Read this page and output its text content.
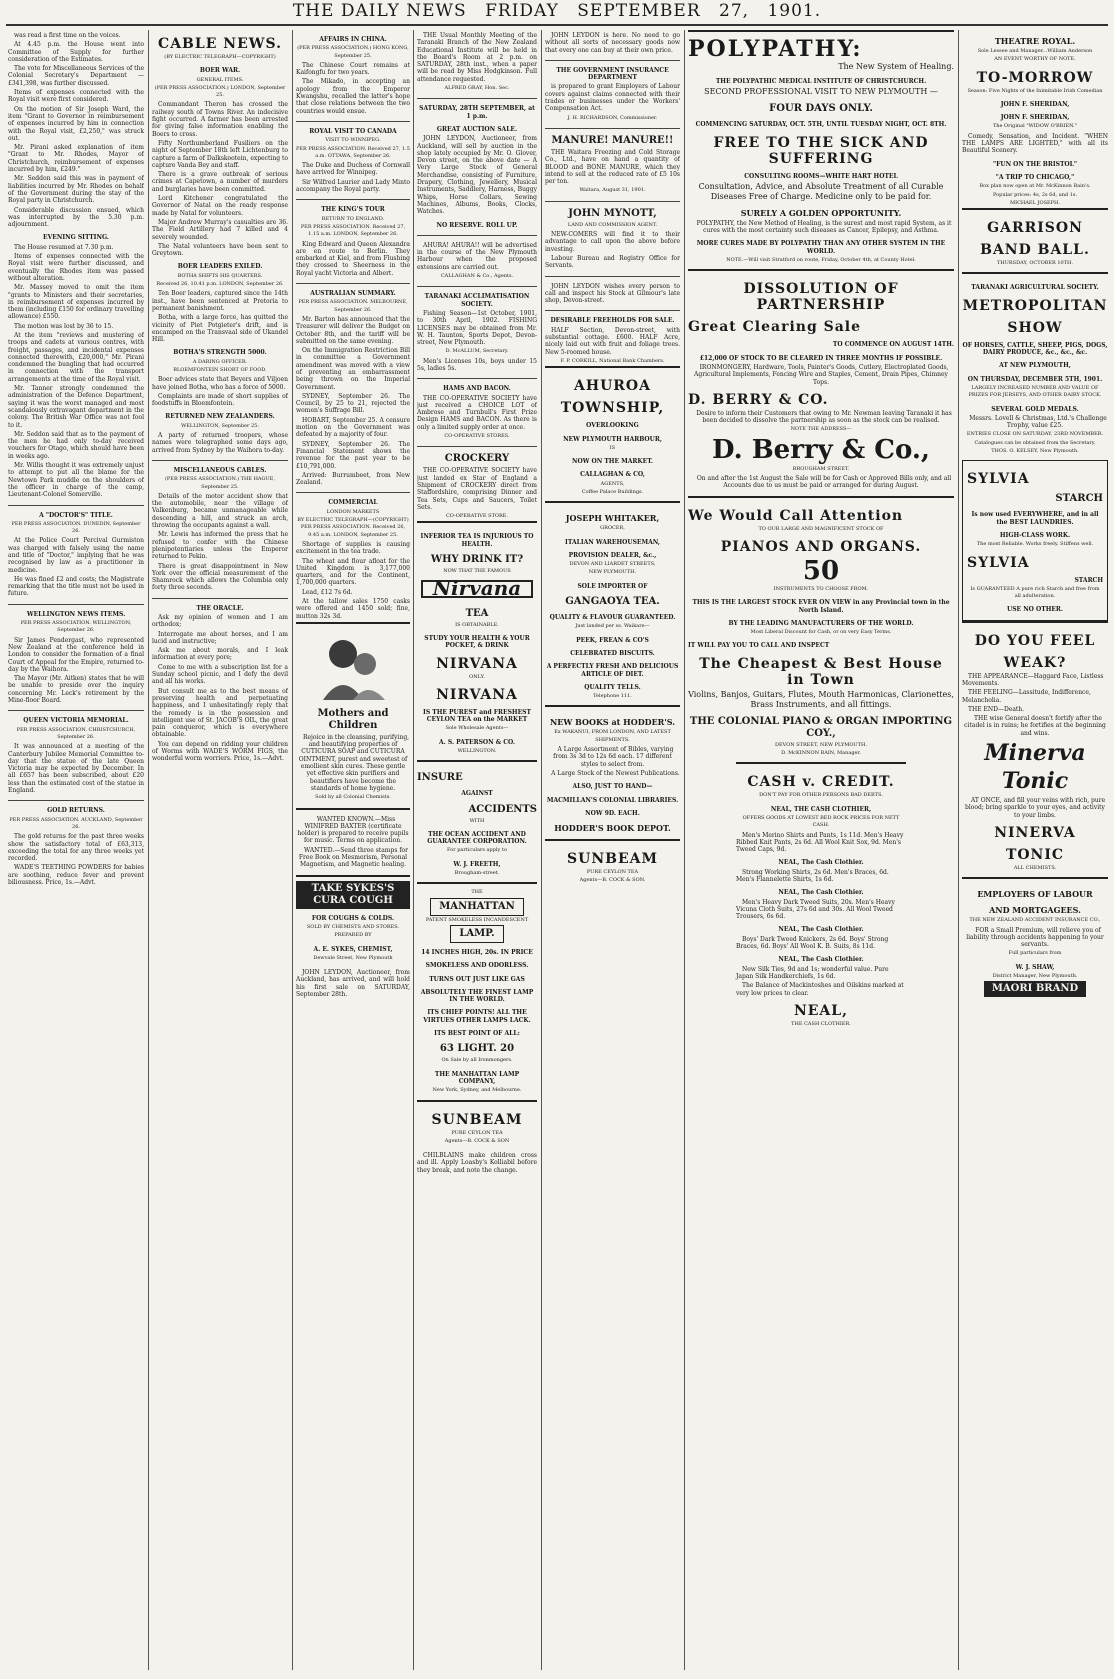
THE DAILY NEWS FRIDAY SEPTEMBER 27, 1901.

was read a first time on the voices.

At 4.45 p.m. the House went into Committee of Supply for further consideration of the Estimates.

The vote for Miscellaneous Services of the Colonial Secretary's Department — £341,398, was further discussed.

Items of expenses connected with the Royal visit were first considered.

On the motion of Sir Joseph Ward, the item "Grant to Governor in reimbursement of expenses incurred by him in connection with the Royal visit, £2,250," was struck out.

Mr. Pirani asked explanation of item "Grant to Mr. Rhodes, Mayor of Christchurch, reimbursement of expenses incurred by him, £249."

Mr. Seddon said this was in payment of liabilities incurred by Mr. Rhodes on behalf of the Government during the stay of the Royal party in Christchurch.

Considerable discussion ensued, which was interrupted by the 5.30 p.m. adjournment.

EVENING SITTING.

The House resumed at 7.30 p.m.

Items of expenses connected with the Royal visit were further discussed, and eventually the Rhodes item was passed without alteration.

Mr. Massey moved to omit the item "grants to Ministers and their secretaries, in reimbursement of expenses incurred by them (including £150 for ordinary travelling allowance) £550.

The motion was lost by 36 to 15.

At the item "reviews and mustering of troops and cadets at various centres, with freight, passages, and incidental expenses connected therewith, £20,000," Mr. Pirani condemned the bungling that had occurred in connection with the transport arrangements at the time of the Royal visit.

Mr. Tanner strongly condemned the administration of the Defence Department, saying it was the worst managed and most scandalously extravagant department in the colony. The British War Office was not fool to it.

Mr. Seddon said that as to the payment of the men he had only to-day received vouchers for Otago, which should have been in weeks ago.

Mr. Willis thought it was extremely unjust to attempt to put all the blame for the Newtown Park muddle on the shoulders of the officer in charge of the camp, Lieutenant-Colonel Somerville.

A "DOCTOR'S" TITLE.
PER PRESS ASSOCIATION. DUNEDIN, September 26.

At the Police Court Percival Gurmiston was charged with falsely using the name and title of "Doctor," implying that he was recognised by law as a practitioner in medicine.

He was fined £2 and costs; the Magistrate remarking that the title must not be used in future.

WELLINGTON NEWS ITEMS.
PER PRESS ASSOCIATION. WELLINGTON, September 26.

Sir James Pendergast, who represented New Zealand at the conference held in London to consider the formation of a final Court of Appeal for the Empire, returned to-day by the Waihora.

The Mayor (Mr. Aitken) states that he will be unable to preside over the inquiry concerning Mr. Leck's retirement by the Mine-floor Board.

QUEEN VICTORIA MEMORIAL.
PER PRESS ASSOCIATION. CHRISTCHURCH, September 26.

It was announced at a meeting of the Canterbury Jubilee Memorial Committee to-day that the statue of the late Queen Victoria may be expected by December. In all £657 has been subscribed, about £20 less than the estimated cost of the statue in England.

GOLD RETURNS.
PER PRESS ASSOCIATION. AUCKLAND, September 26.

The gold returns for the past three weeks show the satisfactory total of £63,313, exceeding the total for any three weeks yet recorded.

WADE'S TEETHING POWDERS for babies are soothing, reduce fever and prevent biliousness. Price, 1s.—Advt.

CABLE NEWS.
(BY ELECTRIC TELEGRAPH—COPYRIGHT)
BOER WAR.
GENERAL ITEMS.
(PER PRESS ASSOCIATION.) LONDON, September 25.

Commandant Theron has crossed the railway south of Towns River. An indecisive fight occurred. A farmer has been arrested for giving false information enabling the Boers to cross.

Fifty Northumberland Fusiliers on the night of September 18th left Lichtenburg to capture a farm of Dalkskootein, expecting to capture Vanda Bey and staff.

There is a grave outbreak of serious crimes at Capetown, a number of murders and burglaries have been committed.

Lord Kitchener congratulated the Governor of Natal on the ready response made by Natal for volunteers.

Major Andrew Murray's casualties are 36. The Field Artillery had 7 killed and 4 severely wounded.

The Natal volunteers have been sent to Greytown.

BOER LEADERS EXILED.
BOTHA SHIFTS HIS QUARTERS.
Received 26, 10.41 p.m. LONDON, September 26.

Ten Boer leaders, captured since the 14th inst., have been sentenced at Pretoria to permanent banishment.

Botha, with a large force, has quitted the vicinity of Piet Potgieter's drift, and is encamped on the Transvaal side of Ukandel Hill.

BOTHA'S STRENGTH 5000.
A DARING OFFICER.
BLOEMFONTEIN SHORT OF FOOD.

Boer advices state that Beyers and Viljoen have joined Botha, who has a force of 5000.

Complaints are made of short supplies of foodstuffs in Bloemfontein.

RETURNED NEW ZEALANDERS.
WELLINGTON, September 25.

A party of returned troopers, whose names were telegraphed some days ago, arrived from Sydney by the Waihora to-day.

MISCELLANEOUS CABLES.
(PER PRESS ASSOCIATION.) THE HAGUE, September 25.

Details of the motor accident show that the automobile, near the village of Valkenburg, became unmanageable while descending a hill, and struck an arch, throwing the occupants against a wall.

Mr. Lewis has informed the press that he refused to confer with the Chinese plenipotentiaries unless the Emperor returned to Pekin.

There is great disappointment in New York over the official measurement of the Shamrock which allows the Columbia only forty three seconds.

THE ORACLE.

Ask my opinion of women and I am orthodox;

Interrogate me about horses, and I am lucid and instructive;

Ask me about morals, and I leak information at every pore;

Come to me with a subscription list for a Sunday school picnic, and I defy the devil and all his works.

But consult me as to the best means of preserving health and perpetuating happiness, and I unhesitatingly reply that the remedy is in the possession and intelligent use of St. JACOB'S OIL, the great pain conqueror, which is everywhere obtainable.

You can depend on ridding your children of Worms with WADE'S WORM FIGS, the wonderful worm worriers. Price, 1s.—Advt.

AFFAIRS IN CHINA.
(PER PRESS ASSOCIATION.) HONG KONG, September 25.

The Chinese Court remains at Kaifongfu for two years.

The Mikado, in accepting an apology from the Emperor Kwangshu, recalled the latter's hope that close relations between the two countries would ensue.

ROYAL VISIT TO CANADA
VISIT TO WINNIPEG.
PER PRESS ASSOCIATION. Received 27, 1.5 a.m. OTTAWA, September 26.

The Duke and Duchess of Cornwall have arrived for Winnipeg.

Sir Wilfred Laurier and Lady Minto accompany the Royal party.

THE KING'S TOUR
RETURN TO ENGLAND.
PER PRESS ASSOCIATION. Received 27, 1.15 a.m. LONDON, September 26.

King Edward and Queen Alexandra are en route to Berlin. They embarked at Kiel, and from Flushing they crossed to Sheerness in the Royal yacht Victoria and Albert.

AUSTRALIAN SUMMARY.
PER PRESS ASSOCIATION. MELBOURNE, September 26.

Mr. Barton has announced that the Treasurer will deliver the Budget on October 8th, and the tariff will be submitted on the same evening.

On the Immigration Restriction Bill in committee a Government amendment was moved with a view of preventing an embarrassment being thrown on the Imperial Government.

SYDNEY, September 26. The Council, by 25 to 21, rejected the women's Suffrage Bill.

HOBART, September 25. A censure motion on the Government was defeated by a majority of four.

SYDNEY, September 26. The Financial Statement shows the revenue for the past year to be £10,791,000.

Arrived: Burrumbeet, from New Zealand.

COMMERCIAL
LONDON MARKETS
BY ELECTRIC TELEGRAPH—(COPYRIGHT) PER PRESS ASSOCIATION. Received 26, 9.45 a.m. LONDON, September 25.

Shortage of supplies is causing excitement in the tea trade.

The wheat and flour afloat for the United Kingdom is 3,177,000 quarters, and for the Continent, 1,700,000 quarters.

Lead, £12 7s 6d.

At the tallow sales 1750 casks were offered and 1450 sold; fine, mutton 32s 3d.

Mothers and Children

Rejoice in the cleansing, purifying, and beautifying properties of CUTICURA SOAP and CUTICURA OINTMENT, purest and sweetest of emollient skin cures. These gentle yet effective skin purifiers and beautifiers have become the standards of home hygiene.

Sold by all Colonial Chemists.

WANTED KNOWN.—Miss WINIFRED BAXTER (certificate holder) is prepared to receive pupils for music. Terms on application.

WANTED.—Send three stamps for Free Book on Mesmerism, Personal Magnetism, and Magnetic healing.

TAKE SYKES'S CURA COUGH
FOR COUGHS & COLDS.
SOLD BY CHEMISTS AND STORES.
PREPARED BY
A. E. SYKES, CHEMIST,
Dewvale Street, New Plymouth

JOHN LEYDON, Auctioneer, from Auckland, has arrived, and will hold his first sale on SATURDAY, September 28th.

THE Usual Monthly Meeting of the Taranaki Branch of the New Zealand Educational Institute will be held in the Board's Room at 2 p.m. on SATURDAY, 28th inst., when a paper will be read by Miss Hodgkinson. Full attendance requested.

ALFRED GRAY, Hon. Sec.
SATURDAY, 28TH SEPTEMBER, at 1 p.m.
GREAT AUCTION SALE.

JOHN LEYDON, Auctioneer, from Auckland, will sell by auction in the shop lately occupied by Mr. O. Glover, Devon street, on the above date — A Very Large Stock of General Merchandise, consisting of Furniture, Drapery, Clothing, Jewellery, Musical Instruments, Saddlery, Harness, Buggy Whips, Horse Collars, Sewing Machines, Albums, Books, Clocks, Watches.

NO RESERVE. ROLL UP.

AHURA! AHURA!! will be advertised in the course of the New Plymouth Harbour when the proposed extensions are carried out.

CALLAGHAN & Co., Agents.
TARANAKI ACCLIMATISATION SOCIETY.

Fishing Season—1st October, 1901, to 30th April, 1902. FISHING LICENSES may be obtained from Mr. W. H. Taunton, Sports Depot, Devon-street, New Plymouth.

D. McALLUM, Secretary.

Men's Licenses 10s, boys under 15 5s, ladies 5s.

HAMS AND BACON.

THE CO-OPERATIVE SOCIETY have just received a CHOICE LOT of Ambrose and Turnbull's First Prize Design HAMS and BACON. As there is only a limited supply order at once.

CO-OPERATIVE STORES.
CROCKERY

THE CO-OPERATIVE SOCIETY have just landed ex Star of England a Shipment of CROCKERY direct from Staffordshire, comprising Dinner and Tea Sets, Cups and Saucers, Toilet Sets.

CO-OPERATIVE STORE.
INFERIOR TEA IS INJURIOUS TO HEALTH.
WHY DRINK IT?
NOW THAT THE FAMOUS
Nirvana
TEA
IS OBTAINABLE.
STUDY YOUR HEALTH & YOUR POCKET, & DRINK
NIRVANA
ONLY.
NIRVANA
IS THE PUREST and FRESHEST CEYLON TEA on the MARKET
Sole Wholesale Agents—
A. S. PATERSON & CO.
WELLINGTON.
INSURE
AGAINST
ACCIDENTS
WITH
THE OCEAN ACCIDENT AND GUARANTEE CORPORATION.
For particulars apply to
W. J. FREETH,
Brougham-street.
THE
MANHATTAN
PATENT SMOKELESS INCANDESCENT
LAMP.
14 INCHES HIGH, 20s. IN PRICE
SMOKELESS AND ODORLESS.
TURNS OUT JUST LIKE GAS
ABSOLUTELY THE FINEST LAMP IN THE WORLD.
ITS CHIEF POINTS! ALL THE VIRTUES OTHER LAMPS LACK.
ITS BEST POINT OF ALL:
63 LIGHT. 20
On Sale by all Ironmongers.
THE MANHATTAN LAMP COMPANY,
New York, Sydney, and Melbourne.
SUNBEAM
PURE CEYLON TEA
Agents—B. COCK & SON

CHILBLAINS make children cross and ill. Apply Loasby's Kolliabil before they break, and note the change.

JOHN LEYDON is here. No need to go without all sorts of necessary goods now that every one can buy at their own price.

THE GOVERNMENT INSURANCE DEPARTMENT

is prepared to grant Employers of Labour covers against claims connected with their trades or businesses under the Workers' Compensation Act.

J. H. RICHARDSON, Commissioner.
MANURE! MANURE!!

THE Waitara Freezing and Cold Storage Co., Ltd., have on hand a quantity of BLOOD and BONE MANURE, which they intend to sell at the reduced rate of £5 10s per ton.

Waitara, August 31, 1901.
JOHN MYNOTT,
LAND AND COMMISSION AGENT.

NEW-COMERS will find it to their advantage to call upon the above before investing.

Labour Bureau and Registry Office for Servants.

JOHN LEYDON wishes every person to call and inspect his Stock at Gilmour's late shop, Devon-street.

DESIRABLE FREEHOLDS FOR SALE.

HALF Section, Devon-street, with substantial cottage. £600. HALF Acre, nicely laid out with fruit and foliage trees. New 5-roomed house.

F. P. CORKILL, National Bank Chambers.
AHUROA
TOWNSHIP,
OVERLOOKING
NEW PLYMOUTH HARBOUR,
IS
NOW ON THE MARKET.
CALLAGHAN & CO,
AGENTS,
Coffee Palace Buildings.
JOSEPH WHITAKER,
GROCER,
ITALIAN WAREHOUSEMAN,
PROVISION DEALER, &c.,
DEVON AND LIARDET STREETS,
NEW PLYMOUTH.
SOLE IMPORTER OF
GANGAOYA TEA.
QUALITY & FLAVOUR GUARANTEED.
Just landed per ss. Waikare—
PEEK, FREAN & CO'S
CELEBRATED BISCUITS.
A PERFECTLY FRESH AND DELICIOUS ARTICLE OF DIET.
QUALITY TELLS.
Telephone 111.
NEW BOOKS at HODDER'S.
Ex WAKANUI, FROM LONDON, AND LATEST SHIPMENTS.

A Large Assortment of Bibles, varying from 3s 3d to 12s 6d each. 17 different styles to select from.

A Large Stock of the Newest Publications.

ALSO, JUST TO HAND—
MACMILLAN'S COLONIAL LIBRARIES.
NOW 9D. EACH.
HODDER'S BOOK DEPOT.
SUNBEAM
PURE CEYLON TEA
Agents—B. COCK & SON.
POLYPATHY:
The New System of Healing.
THE POLYPATHIC MEDICAL INSTITUTE OF CHRISTCHURCH.
SECOND PROFESSIONAL VISIT TO NEW PLYMOUTH —
FOUR DAYS ONLY.
COMMENCING SATURDAY, OCT. 5TH, UNTIL TUESDAY NIGHT, OCT. 8TH.
FREE TO THE SICK AND SUFFERING
CONSULTING ROOMS—WHITE HART HOTEL
Consultation, Advice, and Absolute Treatment of all Curable Diseases Free of Charge. Medicine only to be paid for.
SURELY A GOLDEN OPPORTUNITY.

POLYPATHY, the New Method of Healing, is the surest and most rapid System, as it cures with the most certainty such diseases as Cancer, Epilepsy, and Asthma.

MORE CURES MADE BY POLYPATHY THAN ANY OTHER SYSTEM IN THE WORLD.
NOTE.—Will visit Stratford on route, Friday, October 4th, at County Hotel.
DISSOLUTION OF PARTNERSHIP
Great Clearing Sale
TO COMMENCE ON AUGUST 14TH.
£12,000 OF STOCK TO BE CLEARED IN THREE MONTHS IF POSSIBLE.

IRONMONGERY, Hardware, Tools, Painter's Goods, Cutlery, Electroplated Goods, Agricultural Implements, Fencing Wire and Staples, Cement, Drain Pipes, Chimney Tops.

D. BERRY & CO.

Desire to inform their Customers that owing to Mr. Newman leaving Taranaki it has been decided to dissolve the partnership as soon as the stock can be realised.

NOTE THE ADDRESS—
D. Berry & Co.,
BROUGHAM STREET.

On and after the 1st August the Sale will be for Cash or Approved Bills only, and all Accounts due to us must be paid or arranged for during August.

We Would Call Attention
TO OUR LARGE AND MAGNIFICENT STOCK OF
PIANOS AND ORGANS.
50
INSTRUMENTS TO CHOOSE FROM.
THIS IS THE LARGEST STOCK EVER ON VIEW in any Provincial town in the North Island.
BY THE LEADING MANUFACTURERS OF THE WORLD.
Most Liberal Discount for Cash, or on very Easy Terms.
IT WILL PAY YOU TO CALL AND INSPECT
The Cheapest & Best House in Town
Violins, Banjos, Guitars, Flutes, Mouth Harmonicas, Clarionettes, Brass Instruments, and all fittings.
THE COLONIAL PIANO & ORGAN IMPORTING COY.,
DEVON STREET, NEW PLYMOUTH.
D. McKINNON BAIN, Manager.
CASH v. CREDIT.
DON'T PAY FOR OTHER PERSONS BAD DEBTS.
NEAL, THE CASH CLOTHIER,
OFFERS GOODS AT LOWEST BED ROCK PRICES FOR NETT CASH.

Men's Merino Shirts and Pants, 1s 11d. Men's Heavy Ribbed Knit Pants, 2s 6d. All Wool Knit Sox, 9d. Men's Tweed Caps, 9d.

NEAL, The Cash Clothier.

Strong Working Shirts, 2s 6d. Men's Braces, 6d. Men's Flannelette Shirts, 1s 6d.

NEAL, The Cash Clothier.

Men's Heavy Dark Tweed Suits, 20s. Men's Heavy Vicuna Cloth Suits, 27s 6d and 30s. All Wool Tweed Trousers, 6s 6d.

NEAL, The Cash Clothier.

Boys' Dark Tweed Knickers, 2s 6d. Boys' Strong Braces, 6d. Boys' All Wool K. B. Suits, 8s 11d.

NEAL, The Cash Clothier.

New Silk Ties, 9d and 1s; wonderful value. Pure Japan Silk Handkerchiefs, 1s 6d.

The Balance of Mackintoshes and Oilskins marked at very low prices to clear.

NEAL,
THE CASH CLOTHIER.
THEATRE ROYAL.
Sole Lessee and Manager...William Anderson
AN EVENT WORTHY OF NOTE.
TO-MORROW
Season: Five Nights of the Inimitable Irish Comedian
JOHN F. SHERIDAN,
JOHN F. SHERIDAN,
The Original "WIDOW O'BRIEN."

Comedy, Sensation, and Incident. "WHEN THE LAMPS ARE LIGHTED," with all its Beautiful Scenery.

"FUN ON THE BRISTOL"
"A TRIP TO CHICAGO,"
Box plan now open at Mr. McKinnon Bain's.
Popular prices: 4s, 2s 6d, and 1s.
MICHAEL JOSEPH.
GARRISON
BAND BALL.
THURSDAY, OCTOBER 10TH.
TARANAKI AGRICULTURAL SOCIETY.
METROPOLITAN
SHOW
OF HORSES, CATTLE, SHEEP, PIGS, DOGS, DAIRY PRODUCE, &c., &c., &c.
AT NEW PLYMOUTH,
ON THURSDAY, DECEMBER 5TH, 1901.
LARGELY INCREASED NUMBER AND VALUE OF PRIZES FOR JERSEYS, AND OTHER DAIRY STOCK.
SEVERAL GOLD MEDALS.

Messrs. Lovell & Christmas, Ltd.'s Challenge Trophy, value £25.

ENTRIES CLOSE ON SATURDAY, 23RD NOVEMBER.
Catalogues can be obtained from the Secretary.
THOS. O. KELSEY, New Plymouth.
SYLVIA
STARCH
Is now used EVERYWHERE, and in all the BEST LAUNDRIES.
HIGH-CLASS WORK.
The most Reliable. Works freely. Stiffens well.
SYLVIA
STARCH
Is GUARANTEED A pure rich Starch and free from all adulteration.
USE NO OTHER.
DO YOU FEEL
WEAK?

THE APPEARANCE—Haggard Face, Listless Movements.

THE FEELING—Lassitude, Indifference, Melancholia.

THE END—Death.

THE wise General doesn't fortify after the citadel is in ruins; he fortifies at the beginning and wins.

Minerva Tonic

AT ONCE, and fill your veins with rich, pure blood; bring sparkle to your eyes, and activity to your limbs.

NINERVA
TONIC
ALL CHEMISTS.
EMPLOYERS OF LABOUR
AND MORTGAGEES.
THE NEW ZEALAND ACCIDENT INSURANCE CO.,

FOR a Small Premium, will relieve you of liability through accidents happening to your servants.

Full particulars from
W. J. SHAW,
District Manager, New Plymouth.
MAORI BRAND
